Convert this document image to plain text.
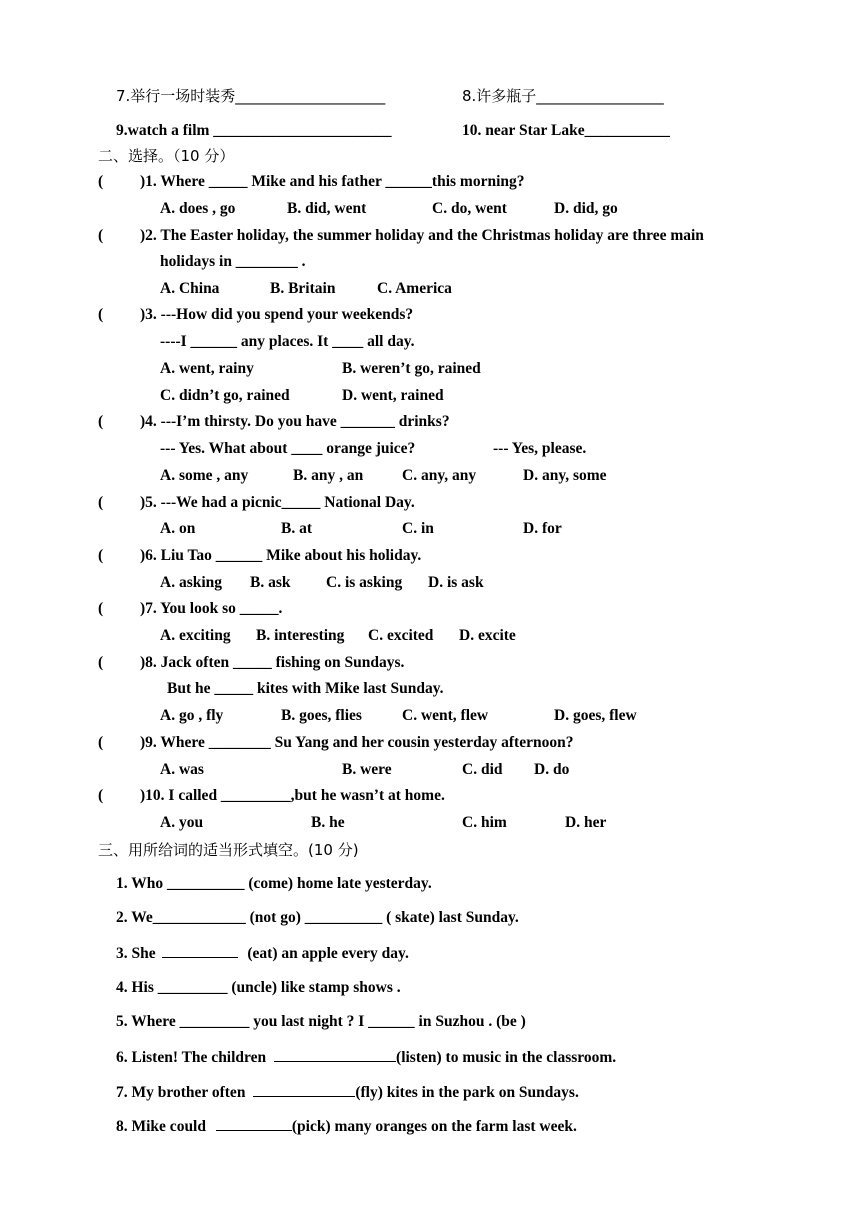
7.举行一场时装秀____________________	8.许多瓶子_________________
9.watch a film _______________________	10. near Star Lake___________
二、选择。（10 分）
( )1. Where _____ Mike and his father ______this morning?
A. does , go	B. did, went	C. do, went	D. did, go
( )2. The Easter holiday, the summer holiday and the Christmas holiday are three main
holidays in ________ .
A. China	B. Britain	C. America
( )3. ---How did you spend your weekends?
----I ______ any places. It ____ all day.
A. went, rainy	B. weren’t go, rained
C. didn’t go, rained	D. went, rained
( )4. ---I’m thirsty. Do you have _______ drinks?
--- Yes. What about ____ orange juice?	--- Yes, please.
A. some , any	B. any , an	C. any, any	D. any, some
( )5. ---We had a picnic_____ National Day.
A. on	B. at	C. in	D. for
( )6. Liu Tao ______ Mike about his holiday.
A. asking B. ask C. is asking D. is ask
( )7. You look so _____.
A. exciting B. interesting C. excited D. excite
( )8. Jack often _____ fishing on Sundays.
But he _____ kites with Mike last Sunday.
A. go , fly	B. goes, flies	C. went, flew	D. goes, flew
( )9. Where ________ Su Yang and her cousin yesterday afternoon?
A. was	B. were	C. did D. do
( )10. I called _________,but he wasn’t at home.
A. you	B. he	C. him	D. her
三、用所给词的适当形式填空。(10 分)
1. Who __________ (come) home late yesterday.
2. We____________ (not go) __________ ( skate) last Sunday.
3. She	(eat) an apple every day.
4. His _________ (uncle) like stamp shows .
5. Where _________ you last night ? I ______ in Suzhou . (be )
6. Listen! The children	(listen) to music in the classroom.
7. My brother often	(fly) kites in the park on Sundays.
8. Mike could	(pick) many oranges on the farm last week.
